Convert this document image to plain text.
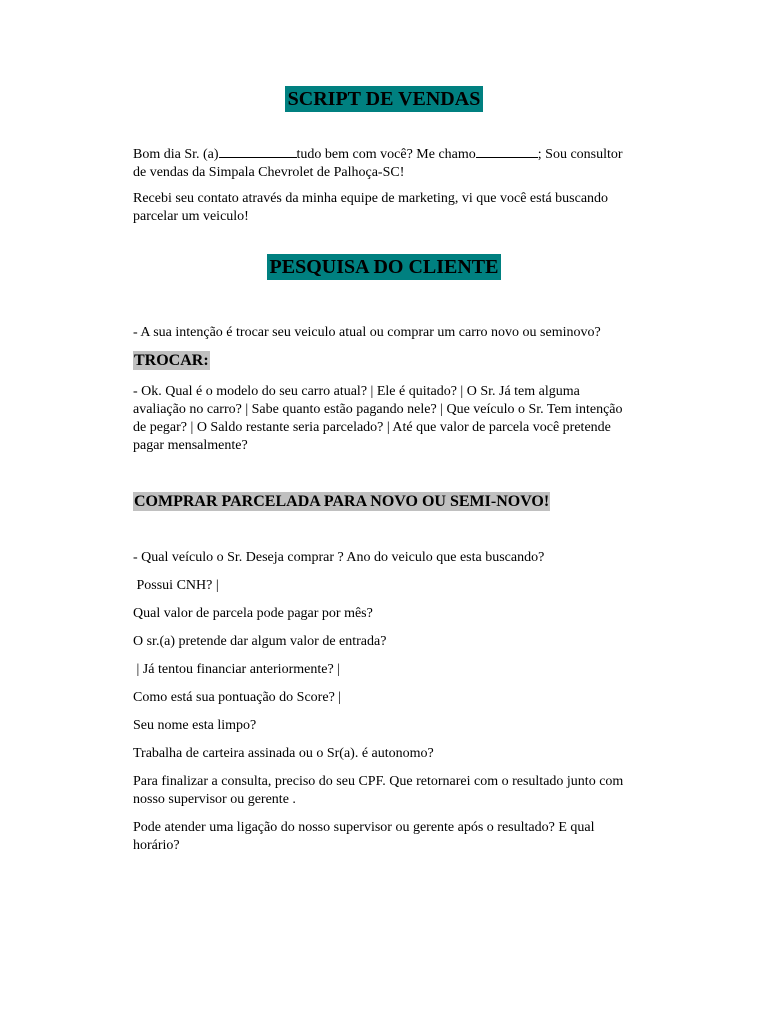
SCRIPT DE VENDAS

Bom dia Sr. (a)	tudo bem com você? Me chamo	; Sou consultor

de vendas da Simpala Chevrolet de Palhoça-SC!

Recebi seu contato através da minha equipe de marketing, vi que você está buscando

parcelar um veiculo!

PESQUISA DO CLIENTE

- A sua intenção é trocar seu veiculo atual ou comprar um carro novo ou seminovo?

TROCAR:

- Ok. Qual é o modelo do seu carro atual? | Ele é quitado? | O Sr. Já tem alguma

avaliação no carro? | Sabe quanto estão pagando nele? | Que veículo o Sr. Tem intenção

de pegar? | O Saldo restante seria parcelado? | Até que valor de parcela você pretende

pagar mensalmente?

COMPRAR PARCELADA PARA NOVO OU SEMI-NOVO!

- Qual veículo o Sr. Deseja comprar ? Ano do veiculo que esta buscando?

Possui CNH? |

Qual valor de parcela pode pagar por mês?

O sr.(a) pretende dar algum valor de entrada?

| Já tentou financiar anteriormente? |

Como está sua pontuação do Score? |

Seu nome esta limpo?

Trabalha de carteira assinada ou o Sr(a). é autonomo?

Para finalizar a consulta, preciso do seu CPF. Que retornarei com o resultado junto com

nosso supervisor ou gerente .

Pode atender uma ligação do nosso supervisor ou gerente após o resultado? E qual

horário?
